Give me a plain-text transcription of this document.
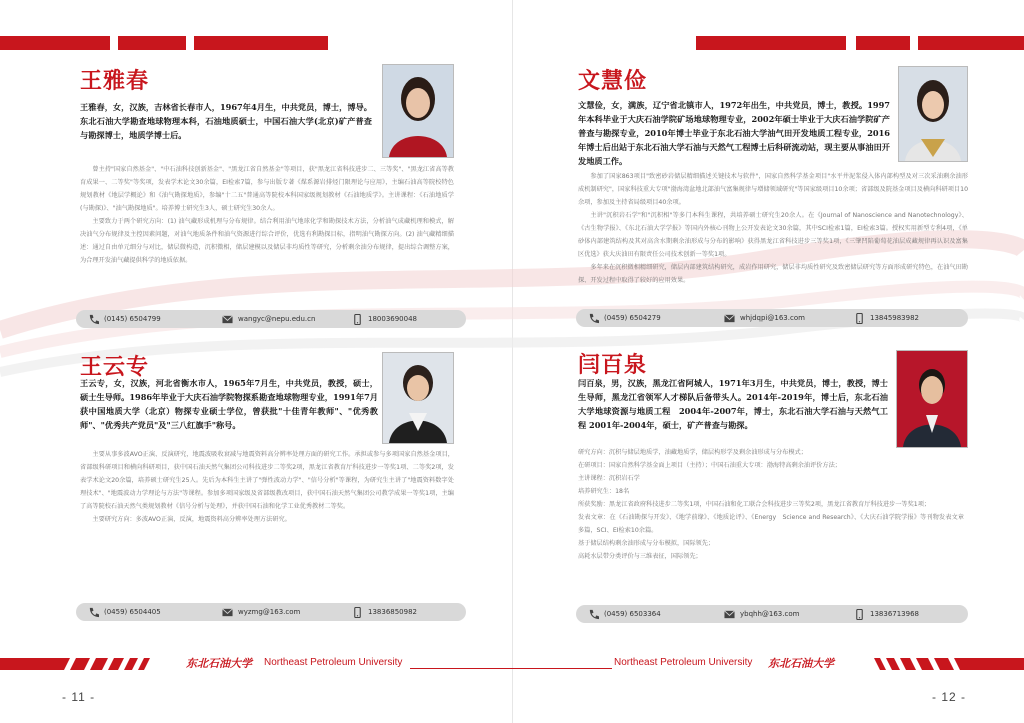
王雅春
王雅春，女，汉族，吉林省长春市人，1967年4月生，中共党员，博士，博导。东北石油大学勘查地球物理本科，石油地质硕士，中国石油大学(北京)矿产普查与勘探博士，地质学博士后。

曾主持"国家自然基金"、"中石油科技创新基金"、"黑龙江省自然基金"等项目，获"黑龙江省科技进步二、三等奖"、"黑龙江省高等教育成果一、二等奖"等奖项，发表学术论文30余篇，EI检索7篇，参与出版专著《煤系源岩排烃门限理论与应用》，主编石油高等院校特色规划教材《地层学概论》和《油气勘探地质》，参编"十二五"普通高等院校本科国家级规划教材《石油地质学》。主讲课程：《石油地质学(与勘探)》、"油气勘探地质"。培养博士研究生3人，硕士研究生30余人。

主要致力于两个研究方向：(1) 油气藏形成机理与分布规律。结合利用油气地球化学和勘探技术方法，分析油气成藏机理和模式，解决油气分布规律及主控因素问题，对油气地质条件和油气资源进行综合评价，优选有利勘探目标，指明油气勘探方向。(2) 油气藏精细描述：通过自由单元细分与对比，储层微构造，沉积微相，储层建模以及储层非均质性等研究，分析剩余油分布规律，提出综合调整方案，为合理开发油气藏提供科学的地质依据。

(0145) 6504799	wangyc@nepu.edu.cn	18003690048
文慧俭
文慧俭，女，满族，辽宁省北镇市人，1972年出生，中共党员，博士，教授。1997年本科毕业于大庆石油学院矿场地球物理专业，2002年硕士毕业于大庆石油学院矿产普查与勘探专业，2010年博士毕业于东北石油大学油气田开发地质工程专业，2016年博士后出站于东北石油大学石油与天然气工程博士后科研流动站，现主要从事油田开发地质工作。

参加了国家863项目"致密砂岩储层精细描述关键技术与软件"，国家自然科学基金项目"水平井泥浆侵入体内部构型及对三次采油剩余油形成机制研究"，国家科技重大专项"渤海湾盆地北部油气富集规律与增储领域研究"等国家级项目10余项；省部级及院基金项目及横向科研项目10余项，参加及主持省局级项目40余项。

主讲"沉积岩石学"和"沉积相"等多门本科生课程，共培养硕士研究生20余人。在《Journal of Nanoscience and Nanotechnology》、《古生物学报》、《东北石油大学学报》等国内外核心刊物上公开发表论文30余篇，其中SCI检索1篇，EI检索3篇。授权实用新型专利4项，《单砂体内部建筑结构及其对高含水期剩余油形成与分布的影响》获得黑龙江省科技进步三等奖1项，《三肇凹陷葡萄花油层成藏规律再认识及富集区优选》获大庆油田有限责任公司技术创新一等奖1项。

多年来在沉积微相精细研究，储层内部建筑结构研究，成岩作用研究，储层非均质性研究及致密储层研究等方面形成研究特色，在油气田勘探、开发过程中取得了较好的应用效果。

(0459) 6504279	whjdqpi@163.com	13845983982
王云专
王云专，女，汉族，河北省衡水市人，1965年7月生，中共党员，教授，硕士，硕士生导师。1986年毕业于大庆石油学院物探系勘查地球物理专业，1991年7月获中国地质大学（北京）物探专业硕士学位，曾获批"十佳青年教师"、"优秀教师"、"优秀共产党员"及"三八红旗手"称号。

主要从事多波AVO正演、反演研究，地震波吸收衰减与地震资料高分辨率处理方面的研究工作。承担或参与多项国家自然基金项目，省部级科研项目和横向科研项目，获中国石油天然气集团公司科技进步二等奖2项，黑龙江省教育厅科技进步一等奖1项、二等奖2项，发表学术论文20余篇，培养硕士研究生25人。先后为本科生主讲了"弹性波动力学"、"信号分析"等课程，为研究生主讲了"地震资料数字处理技术"、"地震波动力学理论与方法"等课程。参加多项国家级及省部级教改项目，获中国石油天然气集团公司教学成果一等奖1项，主编了高等院校石油天然气类规划教材《信号分析与处理》，并获中国石油和化学工业优秀教材二等奖。

主要研究方向：多波AVO正演，反演，地震资料高分辨率处理方法研究。

(0459) 6504405	wyzmg@163.com	13836850982
闫百泉
闫百泉，男，汉族，黑龙江省阿城人，1971年3月生，中共党员，博士，教授，博士生导师，黑龙江省领军人才梯队后备带头人。2014年-2019年，博士后，东北石油大学地球资源与地质工程　2004年-2007年，博士，东北石油大学石油与天然气工程 2001年-2004年，硕士，矿产普查与勘探。

研究方向：沉积与储层地质学，油藏地质学，储层构形学及剩余油形成与分布模式；

在研项目：国家自然科学基金面上项目（主持）；中国石油重大专项：渤海特高剩余油评价方法；

主讲课程：沉积岩石学

培养研究生：18名

所获奖励：黑龙江省政府科技进步二等奖1项，中国石油和化工联合会科技进步三等奖2项，黑龙江省教育厅科技进步一等奖1项；

发表文章：在《石油勘探与开发》、《地学前缘》、《地质论评》、《Energy　Science and Research》、《大庆石油学院学报》等刊物发表文章多篇，SCI、EI检索10余篇。

基于储层结构剩余油形成与分布模拟，国际领先；

高耗水层带分类评价与三维表征，国际领先；

(0459) 6503364	ybqhh@163.com	13836713968
东北石油大学 Northeast Petroleum University
- 11 -
Northeast Petroleum University 东北石油大学
- 12 -
